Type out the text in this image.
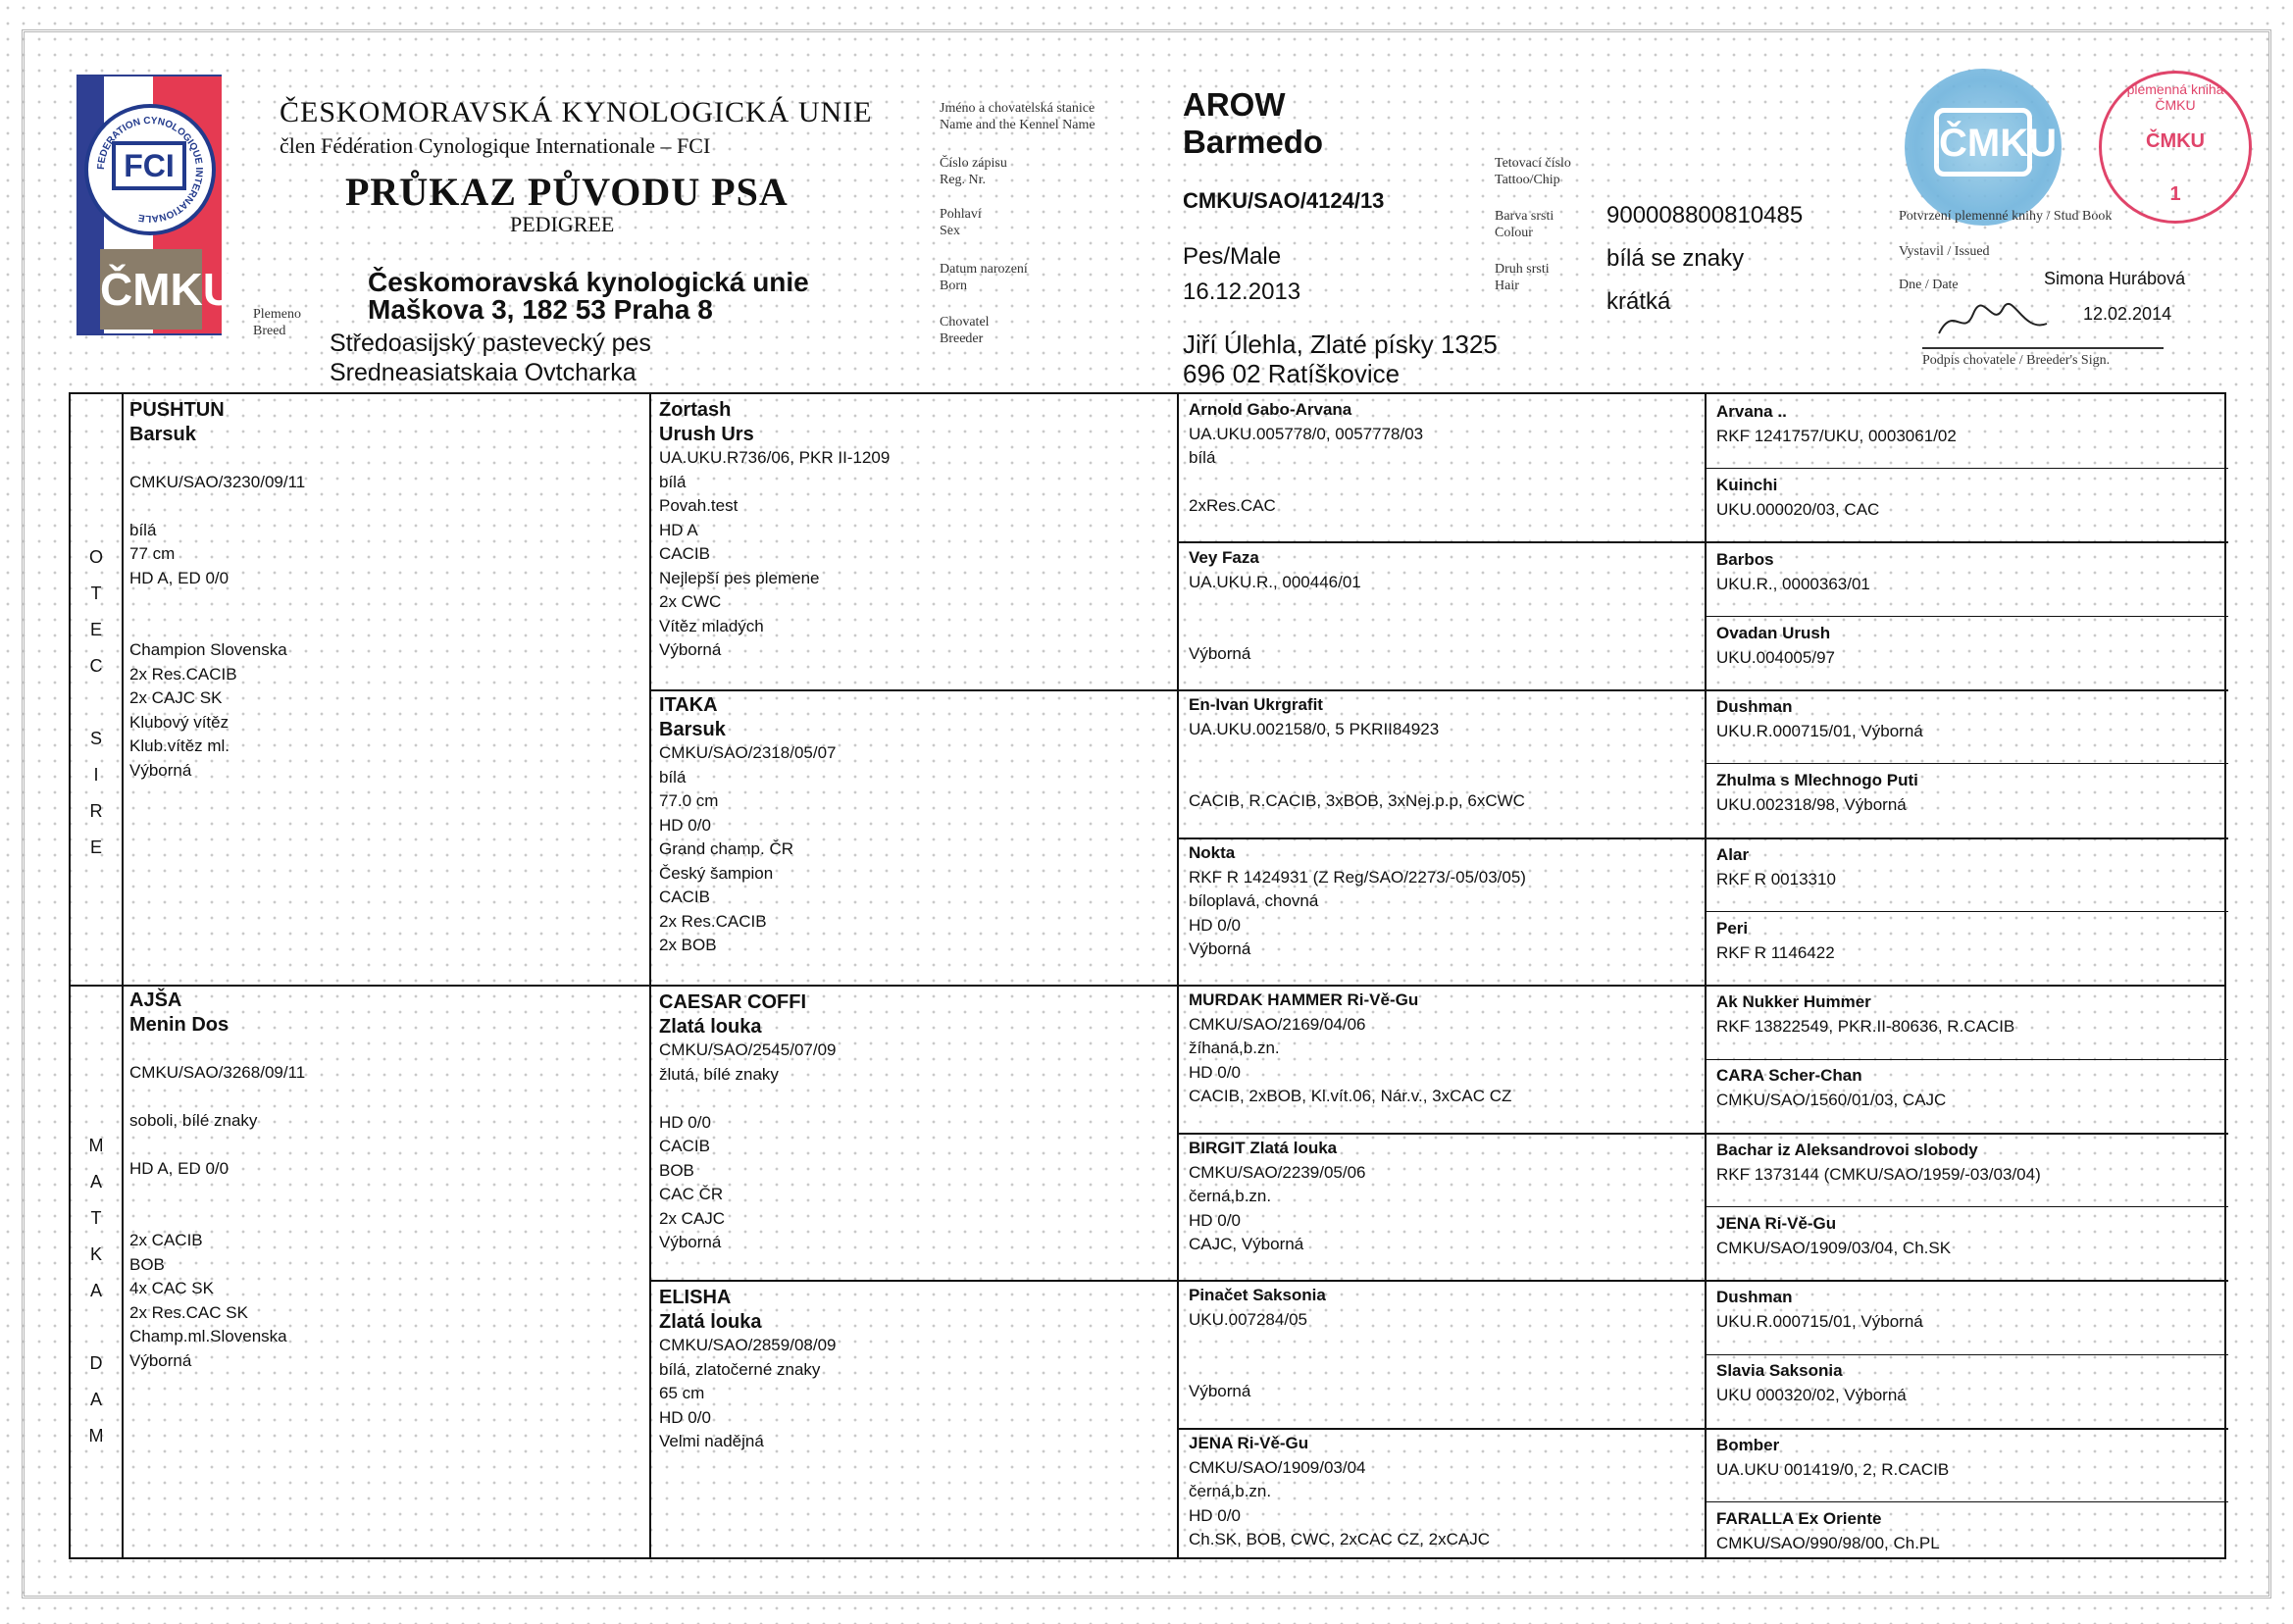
FEDERATION CYNOLOGIQUE INTERNATIONALE
FCI
ČMKU
ČESKOMORAVSKÁ KYNOLOGICKÁ UNIE
člen Fédération Cynologique Internationale – FCI
PRŮKAZ PŮVODU PSA
PEDIGREE
Českomoravská kynologická unie
Maškova 3, 182 53 Praha 8
Plemeno
Breed	Středoasijský pastevecký pes
Sredneasiatskaia Ovtcharka
Jméno a chovatelská stanice
Name and the Kennel Name
Číslo zápisu
Reg. Nr.
Pohlaví
Sex
Datum narození
Born
Chovatel
Breeder
AROW
Barmedo
CMKU/SAO/4124/13
Pes/Male
16.12.2013
Jiří Úlehla, Zlaté písky 1325
696 02 Ratíškovice
Tetovací číslo
Tattoo/Chip
Barva srsti
Colour
Druh srsti
Hair
900008800810485
bílá se znaky
krátká
ČMKU
plemenná kniha ČMKU
ČMKU
1
Potvrzení plemenné knihy / Stud Book
Vystavil / Issued
Dne / Date	Simona Hurábová
12.02.2014
Podpis chovatele / Breeder's Sign.
O
T
E
C

S
I
R
E
M
A
T
K
A

D
A
M
PUSHTUN
Barsuk

CMKU/SAO/3230/09/11

bílá
77 cm
HD A, ED 0/0

Champion Slovenska
2x Res.CACIB
2x CAJC SK
Klubový vítěz
Klub.vítěz ml.
Výborná
AJŠA
Menin Dos

CMKU/SAO/3268/09/11

soboli, bílé znaky

HD A, ED 0/0

2x CACIB
BOB
4x CAC SK
2x Res.CAC SK
Champ.ml.Slovenska
Výborná
Zortash
Urush Urs
UA.UKU.R736/06, PKR II-1209
bílá
Povah.test
HD A
CACIB
Nejlepší pes plemene
2x CWC
Vítěz mladých
Výborná
ITAKA
Barsuk
CMKU/SAO/2318/05/07
bílá
77.0 cm
HD 0/0
Grand champ. ČR
Český šampion
CACIB
2x Res.CACIB
2x BOB
CAESAR COFFI
Zlatá louka
CMKU/SAO/2545/07/09
žlutá, bílé znaky

HD 0/0
CACIB
BOB
CAC ČR
2x CAJC
Výborná
ELISHA
Zlatá louka
CMKU/SAO/2859/08/09
bílá, zlatočerné znaky
65 cm
HD 0/0
Velmi nadějná
Arnold Gabo-Arvana
UA.UKU.005778/0, 0057778/03
bílá

2xRes.CAC
Vey Faza
UA.UKU.R., 000446/01

Výborná
En-Ivan Ukrgrafit
UA.UKU.002158/0, 5 PKRII84923

CACIB, R.CACIB, 3xBOB, 3xNej.p.p, 6xCWC
Nokta
RKF R 1424931 (Z Reg/SAO/2273/-05/03/05)
bíloplavá, chovná
HD 0/0
Výborná
MURDAK HAMMER Ri-Vě-Gu
CMKU/SAO/2169/04/06
žíhaná,b.zn.
HD 0/0
CACIB, 2xBOB, Kl.vít.06, Nár.v., 3xCAC CZ
BIRGIT Zlatá louka
CMKU/SAO/2239/05/06
černá,b.zn.
HD 0/0
CAJC, Výborná
Pinačet Saksonia
UKU.007284/05

Výborná
JENA Ri-Vě-Gu
CMKU/SAO/1909/03/04
černá,b.zn.
HD 0/0
Ch.SK, BOB, CWC, 2xCAC CZ, 2xCAJC
Arvana ..
RKF 1241757/UKU, 0003061/02
Kuinchi
UKU.000020/03, CAC
Barbos
UKU.R., 0000363/01
Ovadan Urush
UKU.004005/97
Dushman
UKU.R.000715/01, Výborná
Zhulma s Mlechnogo Puti
UKU.002318/98, Výborná
Alar
RKF R 0013310
Peri
RKF R 1146422
Ak Nukker Hummer
RKF 13822549, PKR.II-80636, R.CACIB
CARA Scher-Chan
CMKU/SAO/1560/01/03, CAJC
Bachar iz Aleksandrovoi slobody
RKF 1373144 (CMKU/SAO/1959/-03/03/04)
JENA Ri-Vě-Gu
CMKU/SAO/1909/03/04, Ch.SK
Dushman
UKU.R.000715/01, Výborná
Slavia Saksonia
UKU 000320/02, Výborná
Bomber
UA.UKU 001419/0, 2, R.CACIB
FARALLA Ex Oriente
CMKU/SAO/990/98/00, Ch.PL
